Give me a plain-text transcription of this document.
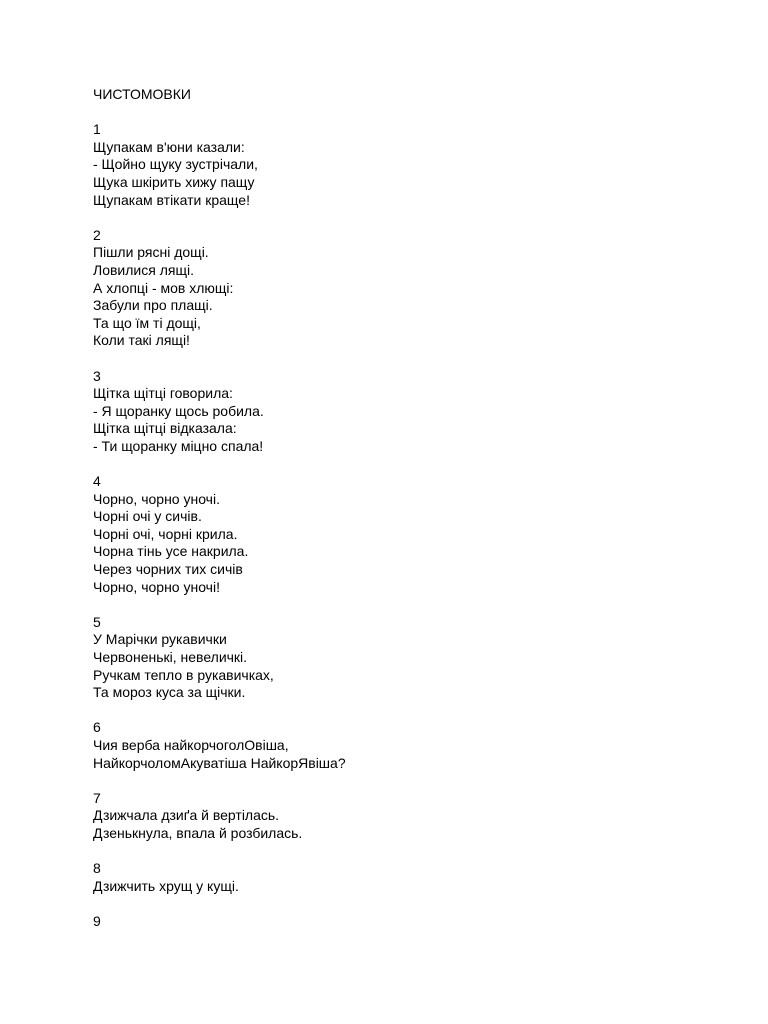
ЧИСТОМОВКИ
1
Щупакам в'юни казали:
- Щойно щуку зустрічали,
Щука шкірить хижу пащу
Щупакам втікати краще!
2
Пішли рясні дощі.
Ловилися лящі.
А хлопці - мов хлющі:
Забули про плащі.
Та що їм ті дощі,
Коли такі лящі!
3
Щітка щітці говорила:
- Я щоранку щось робила.
Щітка щітці відказала:
- Ти щоранку міцно спала!
4
Чорно, чорно уночі.
Чорні очі у сичів.
Чорні очі, чорні крила.
Чорна тінь усе накрила.
Через чорних тих сичів
Чорно, чорно уночі!
5
У Марічки рукавички
Червоненькі, невеличкі.
Ручкам тепло в рукавичках,
Та мороз куса за щічки.
6
Чия верба найкорчоголОвіша,
НайкорчоломАкуватіша НайкорЯвіша?
7
Дзижчала дзиґа й вертілась.
Дзенькнула, впала й розбилась.
8
Дзижчить хрущ у кущі.
9
